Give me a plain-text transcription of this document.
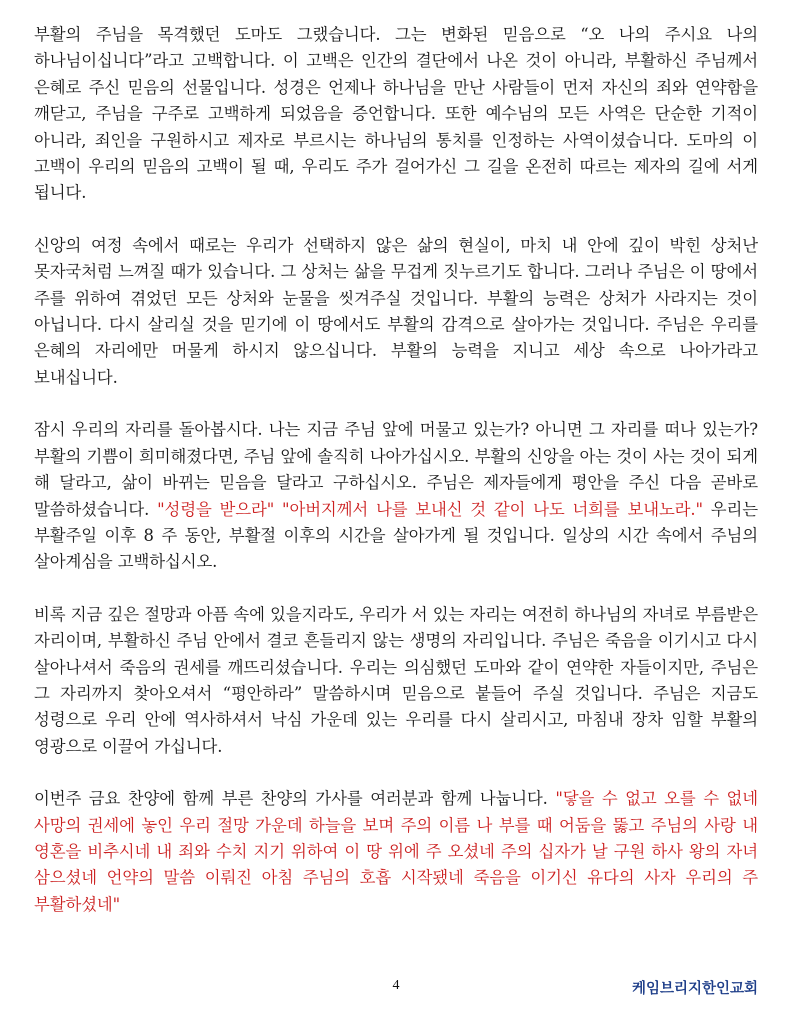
부활의 주님을 목격했던 도마도 그랬습니다. 그는 변화된 믿음으로 “오 나의 주시요 나의 하나님이십니다”라고 고백합니다. 이 고백은 인간의 결단에서 나온 것이 아니라, 부활하신 주님께서 은혜로 주신 믿음의 선물입니다. 성경은 언제나 하나님을 만난 사람들이 먼저 자신의 죄와 연약함을 깨닫고, 주님을 구주로 고백하게 되었음을 증언합니다. 또한 예수님의 모든 사역은 단순한 기적이 아니라, 죄인을 구원하시고 제자로 부르시는 하나님의 통치를 인정하는 사역이셨습니다. 도마의 이 고백이 우리의 믿음의 고백이 될 때, 우리도 주가 걸어가신 그 길을 온전히 따르는 제자의 길에 서게 됩니다.

신앙의 여정 속에서 때로는 우리가 선택하지 않은 삶의 현실이, 마치 내 안에 깊이 박힌 상처난 못자국처럼 느껴질 때가 있습니다. 그 상처는 삶을 무겁게 짓누르기도 합니다. 그러나 주님은 이 땅에서 주를 위하여 겪었던 모든 상처와 눈물을 씻겨주실 것입니다. 부활의 능력은 상처가 사라지는 것이 아닙니다. 다시 살리실 것을 믿기에 이 땅에서도 부활의 감격으로 살아가는 것입니다. 주님은 우리를 은혜의 자리에만 머물게 하시지 않으십니다. 부활의 능력을 지니고 세상 속으로 나아가라고 보내십니다.

잠시 우리의 자리를 돌아봅시다. 나는 지금 주님 앞에 머물고 있는가? 아니면 그 자리를 떠나 있는가? 부활의 기쁨이 희미해졌다면, 주님 앞에 솔직히 나아가십시오. 부활의 신앙을 아는 것이 사는 것이 되게 해 달라고, 삶이 바뀌는 믿음을 달라고 구하십시오. 주님은 제자들에게 평안을 주신 다음 곧바로 말씀하셨습니다. "성령을 받으라" "아버지께서 나를 보내신 것 같이 나도 너희를 보내노라." 우리는 부활주일 이후 8 주 동안, 부활절 이후의 시간을 살아가게 될 것입니다. 일상의 시간 속에서 주님의 살아계심을 고백하십시오.

비록 지금 깊은 절망과 아픔 속에 있을지라도, 우리가 서 있는 자리는 여전히 하나님의 자녀로 부름받은 자리이며, 부활하신 주님 안에서 결코 흔들리지 않는 생명의 자리입니다. 주님은 죽음을 이기시고 다시 살아나셔서 죽음의 권세를 깨뜨리셨습니다. 우리는 의심했던 도마와 같이 연약한 자들이지만, 주님은 그 자리까지 찾아오셔서 “평안하라” 말씀하시며 믿음으로 붙들어 주실 것입니다. 주님은 지금도 성령으로 우리 안에 역사하셔서 낙심 가운데 있는 우리를 다시 살리시고, 마침내 장차 임할 부활의 영광으로 이끌어 가십니다.

이번주 금요 찬양에 함께 부른 찬양의 가사를 여러분과 함께 나눕니다. "닿을 수 없고 오를 수 없네 사망의 권세에 놓인 우리 절망 가운데 하늘을 보며 주의 이름 나 부를 때 어둠을 뚫고 주님의 사랑 내 영혼을 비추시네 내 죄와 수치 지기 위하여 이 땅 위에 주 오셨네 주의 십자가 날 구원 하사 왕의 자녀 삼으셨네 언약의 말씀 이뤄진 아침 주님의 호흡 시작됐네 죽음을 이기신 유다의 사자 우리의 주 부활하셨네"

4	케임브리지한인교회
